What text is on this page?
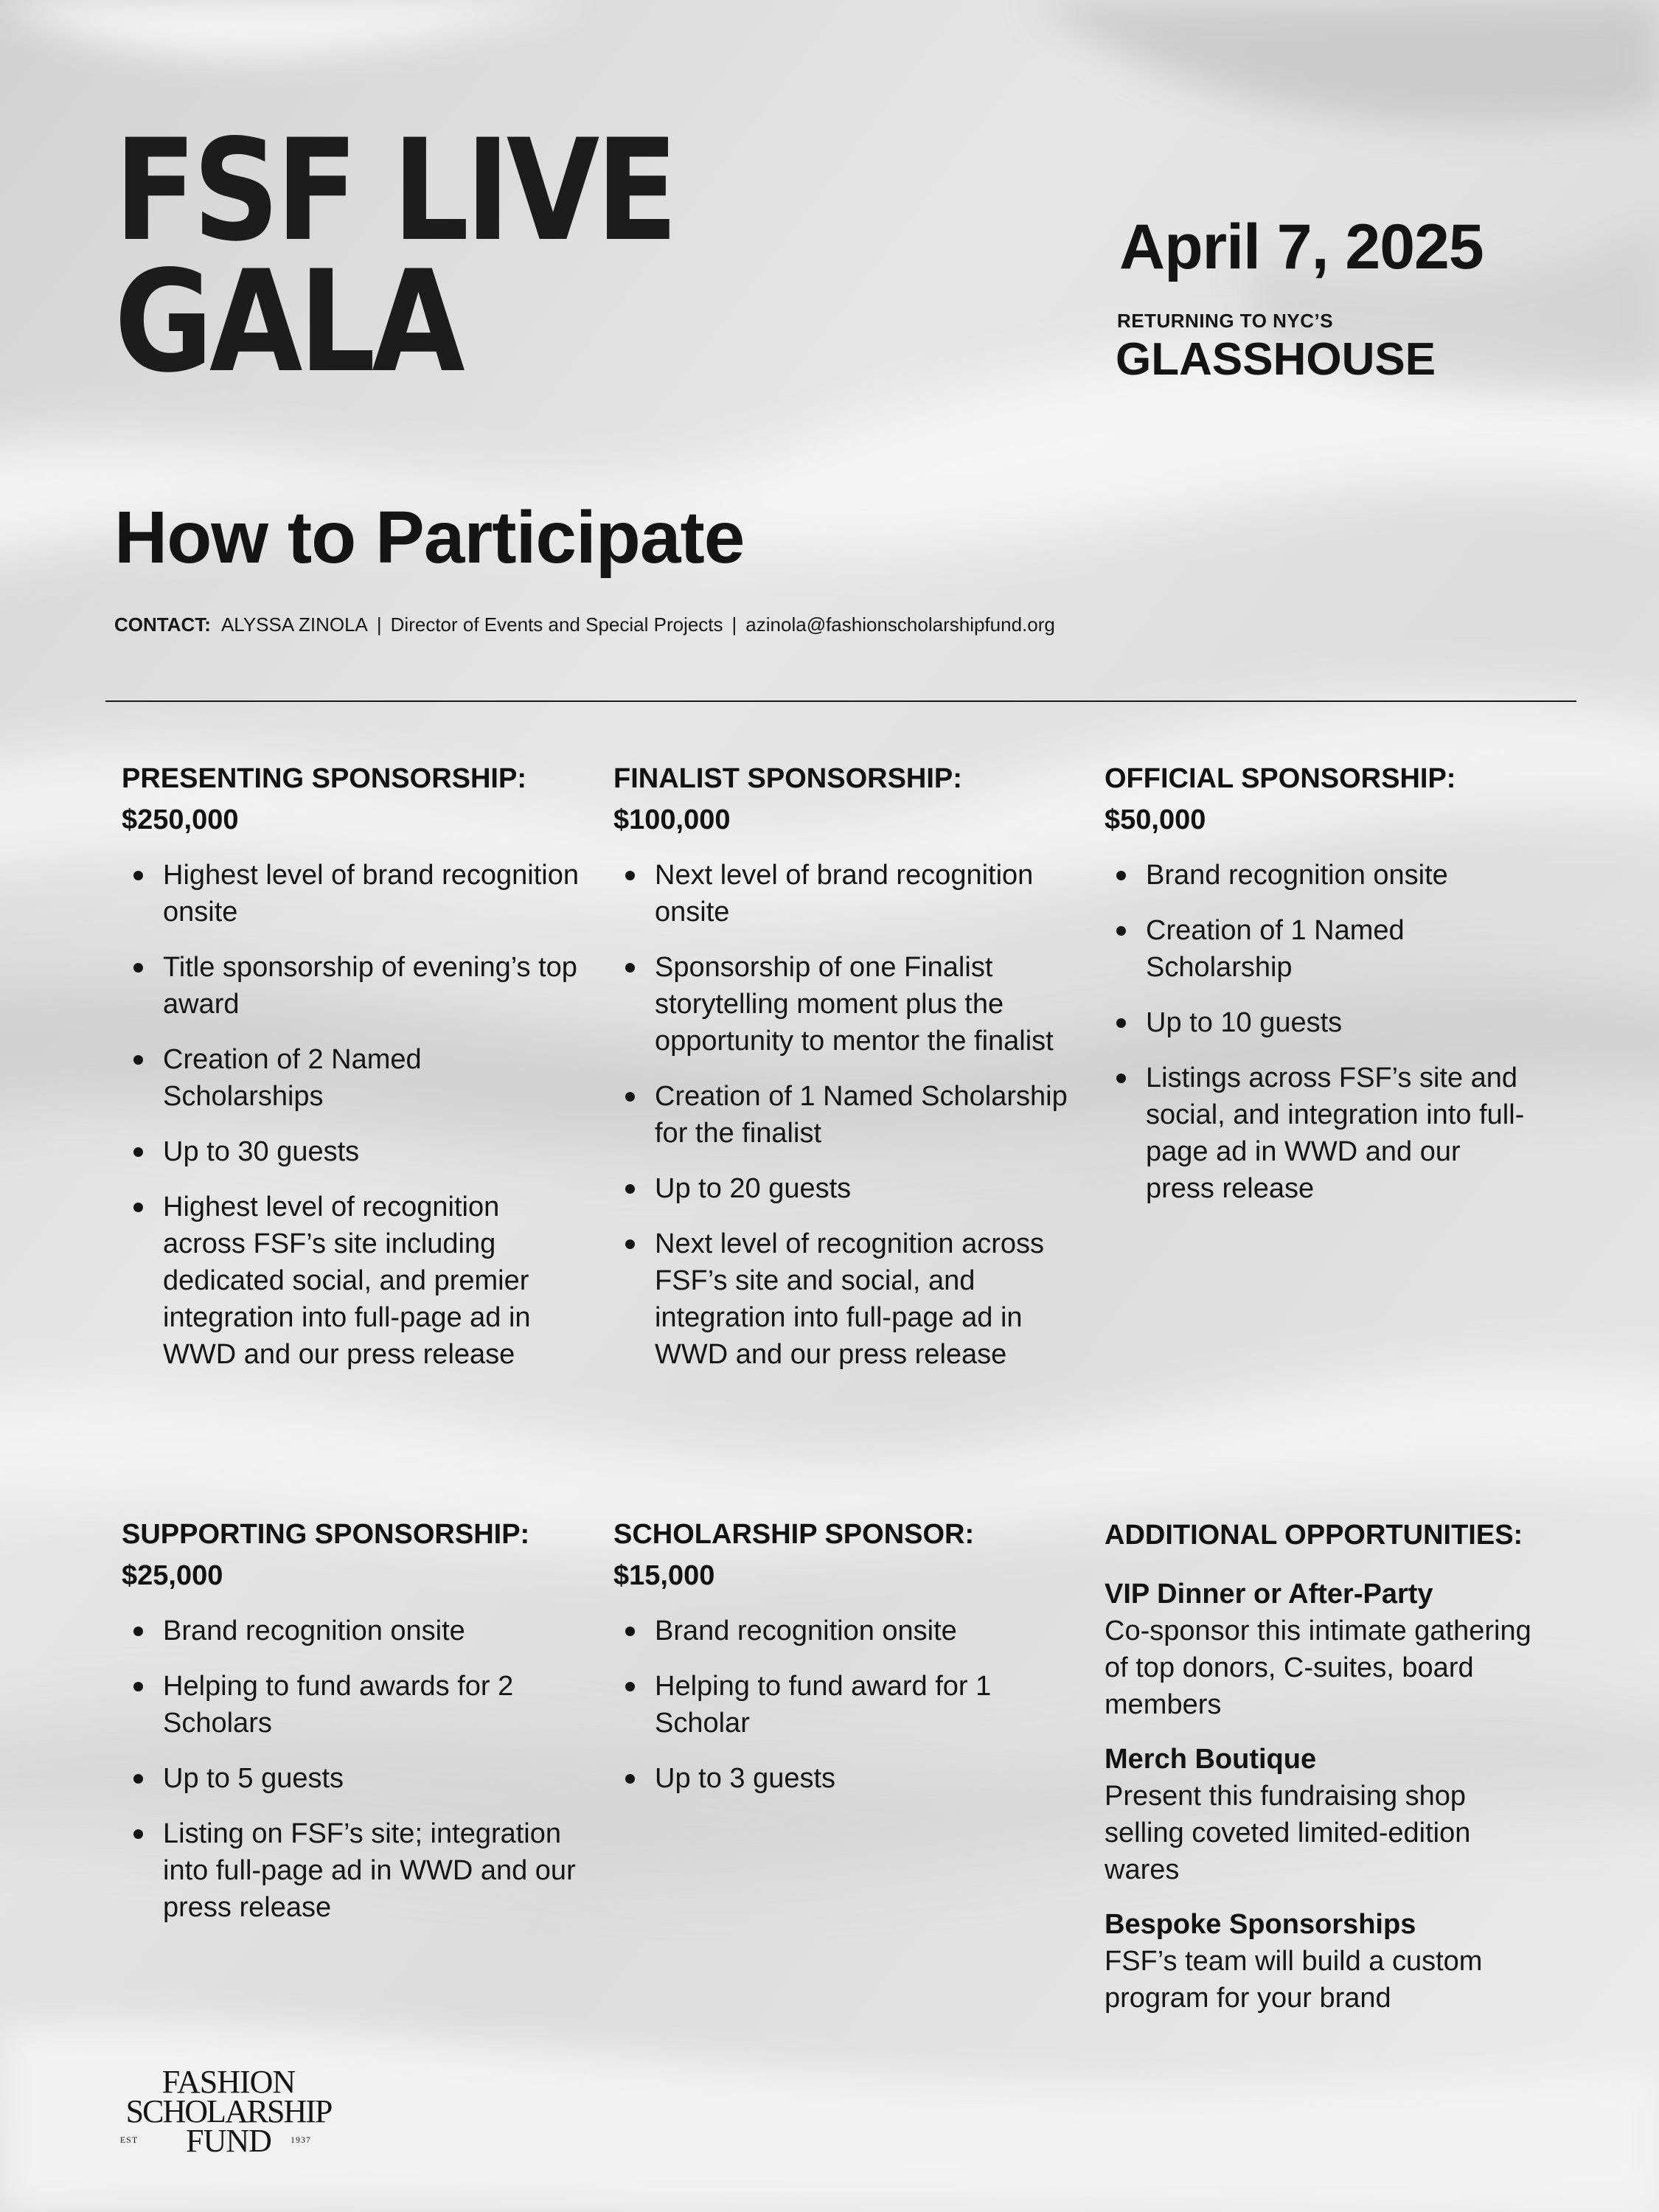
FSF LIVE
GALA	April 7, 2025
RETURNING TO NYC’S
GLASSHOUSE
How to Participate
CONTACT: ALYSSA ZINOLA | Director of Events and Special Projects | azinola@fashionscholarshipfund.org
PRESENTING SPONSORSHIP:
$250,000
Highest level of brand recognition onsite
Title sponsorship of evening’s top award
Creation of 2 Named Scholarships
Up to 30 guests
Highest level of recognition across FSF’s site including dedicated social, and premier integration into full-page ad in WWD and our press release
FINALIST SPONSORSHIP:
$100,000
Next level of brand recognition onsite
Sponsorship of one Finalist storytelling moment plus the opportunity to mentor the finalist
Creation of 1 Named Scholarship for the finalist
Up to 20 guests
Next level of recognition across FSF’s site and social, and integration into full-page ad in WWD and our press release
OFFICIAL SPONSORSHIP:
$50,000
Brand recognition onsite
Creation of 1 Named Scholarship
Up to 10 guests
Listings across FSF’s site and social, and integration into full-page ad in WWD and our press release
SUPPORTING SPONSORSHIP:
$25,000
Brand recognition onsite
Helping to fund awards for 2 Scholars
Up to 5 guests
Listing on FSF’s site; integration into full-page ad in WWD and our press release
SCHOLARSHIP SPONSOR:
$15,000
Brand recognition onsite
Helping to fund award for 1 Scholar
Up to 3 guests
ADDITIONAL OPPORTUNITIES:
VIP Dinner or After-Party
Co-sponsor this intimate gathering of top donors, C-suites, board members
Merch Boutique
Present this fundraising shop selling coveted limited-edition wares
Bespoke Sponsorships
FSF’s team will build a custom program for your brand
FASHION
SCHOLARSHIP
FUND
EST	1937
